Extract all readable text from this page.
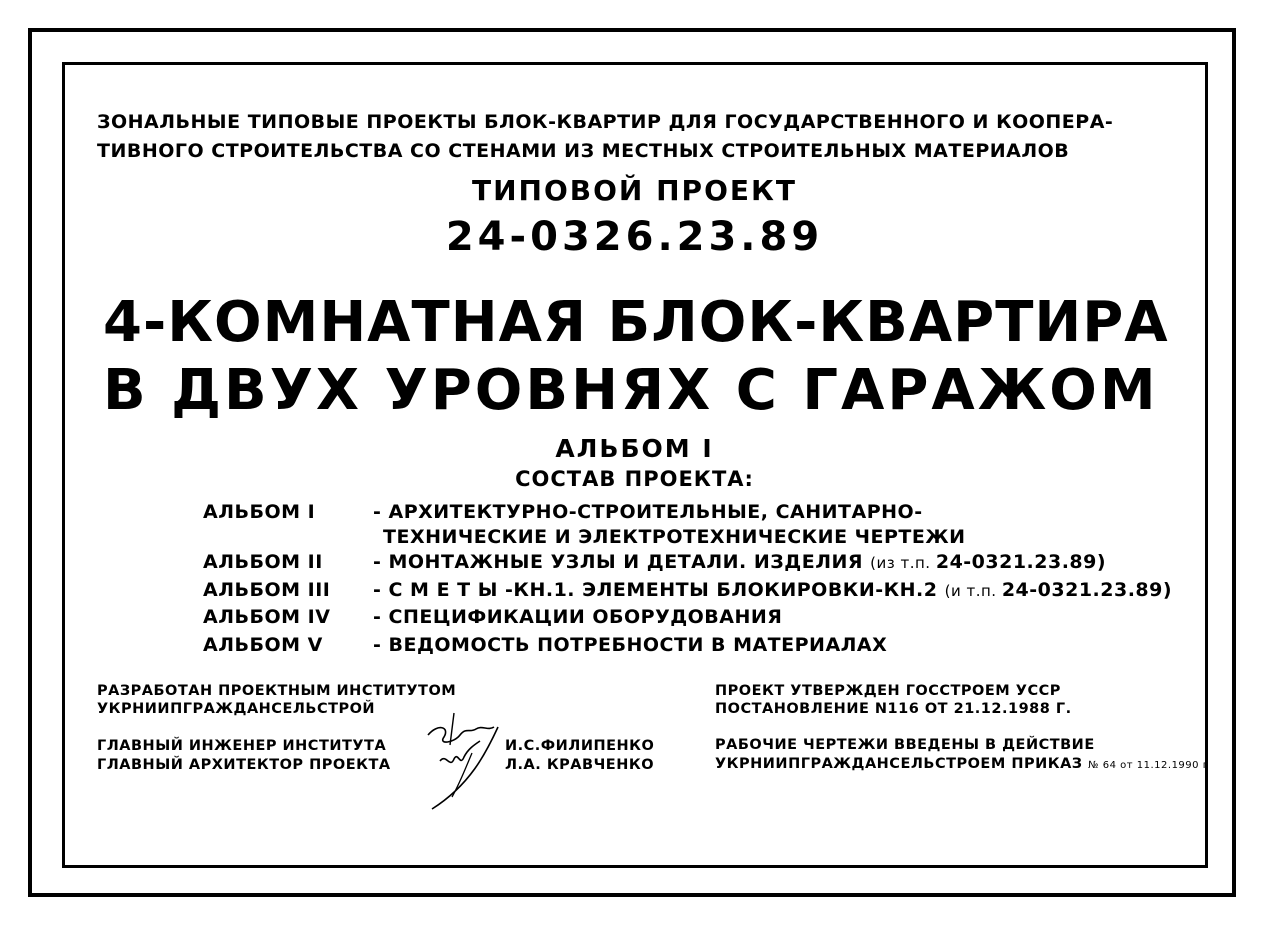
ЗОНАЛЬНЫЕ ТИПОВЫЕ ПРОЕКТЫ БЛОК-КВАРТИР ДЛЯ ГОСУДАРСТВЕННОГО И КООПЕРА-
ТИВНОГО СТРОИТЕЛЬСТВА СО СТЕНАМИ ИЗ МЕСТНЫХ СТРОИТЕЛЬНЫХ МАТЕРИАЛОВ
ТИПОВОЙ ПРОЕКТ
24-0326.23.89
4-КОМНАТНАЯ БЛОК-КВАРТИРА
В ДВУХ УРОВНЯХ С ГАРАЖОМ
АЛЬБОМ I
СОСТАВ ПРОЕКТА:
АЛЬБОМ I	- АРХИТЕКТУРНО-СТРОИТЕЛЬНЫЕ, САНИТАРНО-
ТЕХНИЧЕСКИЕ И ЭЛЕКТРОТЕХНИЧЕСКИЕ ЧЕРТЕЖИ
АЛЬБОМ II	- МОНТАЖНЫЕ УЗЛЫ И ДЕТАЛИ. ИЗДЕЛИЯ (из т.п. 24-0321.23.89)
АЛЬБОМ III - С М Е Т Ы -КН.1. ЭЛЕМЕНТЫ БЛОКИРОВКИ-КН.2 (и т.п. 24-0321.23.89)
АЛЬБОМ IV - СПЕЦИФИКАЦИИ ОБОРУДОВАНИЯ
АЛЬБОМ V	- ВЕДОМОСТЬ ПОТРЕБНОСТИ В МАТЕРИАЛАХ
РАЗРАБОТАН ПРОЕКТНЫМ ИНСТИТУТОМ
УКРНИИПГРАЖДАНСЕЛЬСТРОЙ
ГЛАВНЫЙ ИНЖЕНЕР ИНСТИТУТА
ГЛАВНЫЙ АРХИТЕКТОР ПРОЕКТА
И.С.ФИЛИПЕНКО
Л.А. КРАВЧЕНКО
ПРОЕКТ УТВЕРЖДЕН ГОССТРОЕМ УССР
ПОСТАНОВЛЕНИЕ N116 ОТ 21.12.1988 Г.
РАБОЧИЕ ЧЕРТЕЖИ ВВЕДЕНЫ В ДЕЙСТВИЕ
УКРНИИПГРАЖДАНСЕЛЬСТРОЕМ ПРИКАЗ № 64 от 11.12.1990 г
